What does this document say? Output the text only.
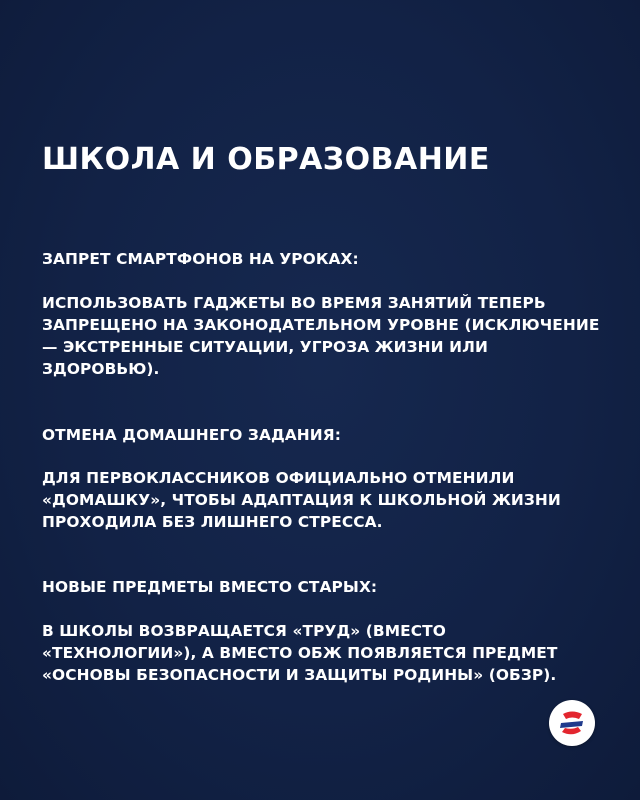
ШКОЛА И ОБРАЗОВАНИЕ

ЗАПРЕТ СМАРТФОНОВ НА УРОКАХ:

ИСПОЛЬЗОВАТЬ ГАДЖЕТЫ ВО ВРЕМЯ ЗАНЯТИЙ ТЕПЕРЬ ЗАПРЕЩЕНО НА ЗАКОНОДАТЕЛЬНОМ УРОВНЕ (ИСКЛЮЧЕНИЕ — ЭКСТРЕННЫЕ СИТУАЦИИ, УГРОЗА ЖИЗНИ ИЛИ ЗДОРОВЬЮ).

ОТМЕНА ДОМАШНЕГО ЗАДАНИЯ:

ДЛЯ ПЕРВОКЛАССНИКОВ ОФИЦИАЛЬНО ОТМЕНИЛИ «ДОМАШКУ», ЧТОБЫ АДАПТАЦИЯ К ШКОЛЬНОЙ ЖИЗНИ ПРОХОДИЛА БЕЗ ЛИШНЕГО СТРЕССА.

НОВЫЕ ПРЕДМЕТЫ ВМЕСТО СТАРЫХ:

В ШКОЛЫ ВОЗВРАЩАЕТСЯ «ТРУД» (ВМЕСТО «ТЕХНОЛОГИИ»), А ВМЕСТО ОБЖ ПОЯВЛЯЕТСЯ ПРЕДМЕТ «ОСНОВЫ БЕЗОПАСНОСТИ И ЗАЩИТЫ РОДИНЫ» (ОБЗР).
